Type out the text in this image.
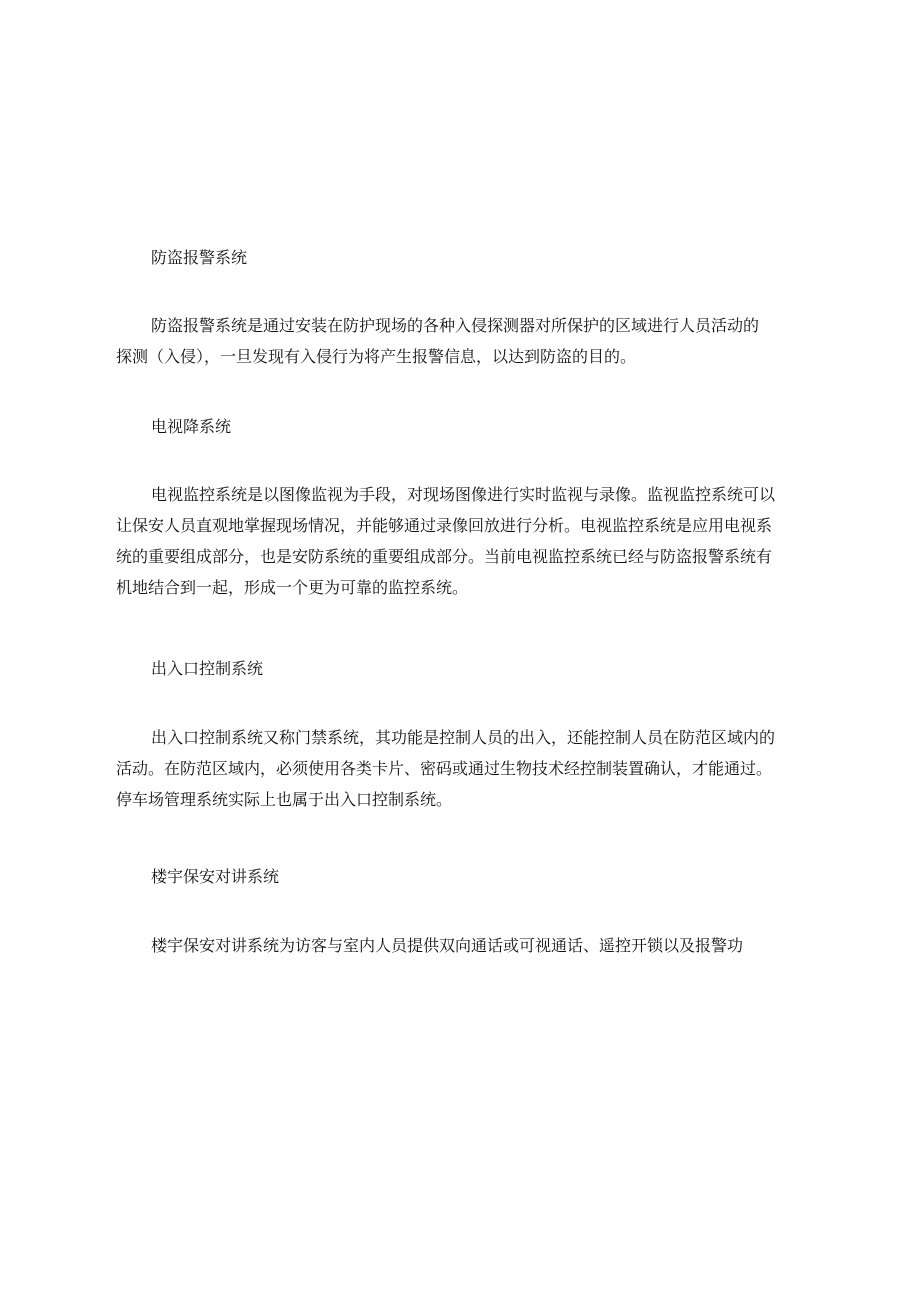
防盗报警系统

防盗报警系统是通过安装在防护现场的各种入侵探测器对所保护的区域进行人员活动的

探测（入侵），一旦发现有入侵行为将产生报警信息，以达到防盗的目的。

电视降系统

电视监控系统是以图像监视为手段，对现场图像进行实时监视与录像。监视监控系统可以

让保安人员直观地掌握现场情况，并能够通过录像回放进行分析。电视监控系统是应用电视系

统的重要组成部分，也是安防系统的重要组成部分。当前电视监控系统已经与防盗报警系统有

机地结合到一起，形成一个更为可靠的监控系统。

出入口控制系统

出入口控制系统又称门禁系统，其功能是控制人员的出入，还能控制人员在防范区域内的

活动。在防范区域内，必须使用各类卡片、密码或通过生物技术经控制装置确认，才能通过。

停车场管理系统实际上也属于出入口控制系统。

楼宇保安对讲系统

楼宇保安对讲系统为访客与室内人员提供双向通话或可视通话、遥控开锁以及报警功
